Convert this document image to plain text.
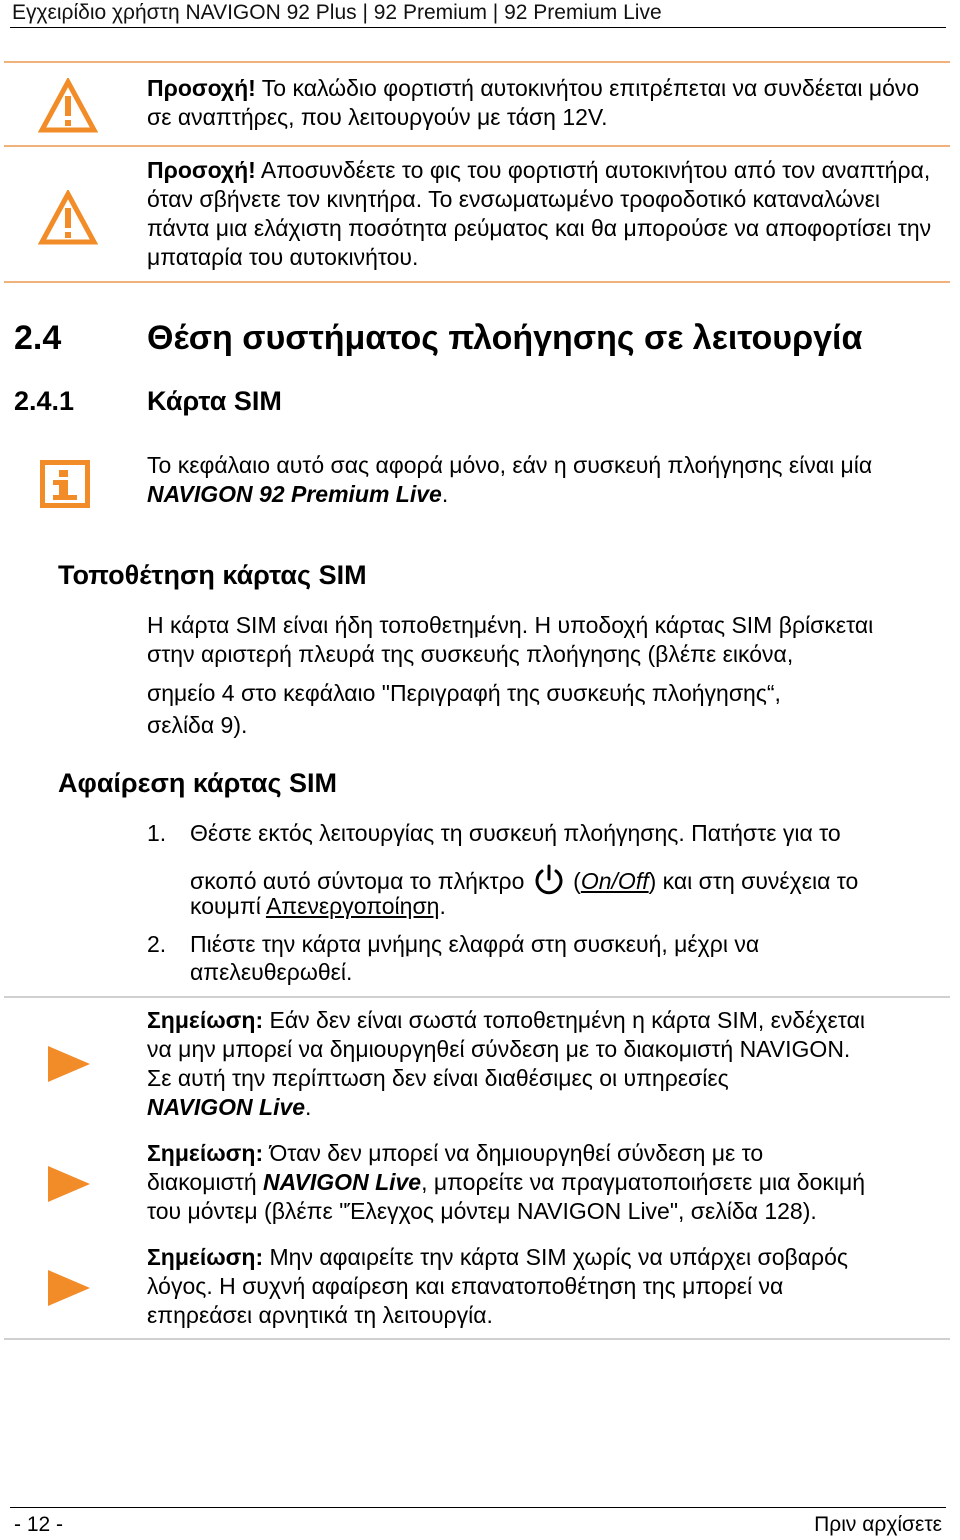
Εγχειρίδιο χρήστη NAVIGON 92 Plus | 92 Premium | 92 Premium Live
Προσοχή! Το καλώδιο φορτιστή αυτοκινήτου επιτρέπεται να συνδέεται μόνο σε αναπτήρες, που λειτουργούν με τάση 12V.
Προσοχή! Αποσυνδέετε το φις του φορτιστή αυτοκινήτου από τον αναπτήρα, όταν σβήνετε τον κινητήρα. Το ενσωματωμένο τροφοδοτικό καταναλώνει πάντα μια ελάχιστη ποσότητα ρεύματος και θα μπορούσε να αποφορτίσει την μπαταρία του αυτοκινήτου.
2.4	Θέση συστήματος πλοήγησης σε λειτουργία
2.4.1	Κάρτα SIM
Το κεφάλαιο αυτό σας αφορά μόνο, εάν η συσκευή πλοήγησης είναι μία NAVIGON 92 Premium Live.
Τοποθέτηση κάρτας SIM
Η κάρτα SIM είναι ήδη τοποθετημένη. Η υποδοχή κάρτας SIM βρίσκεται
στην αριστερή πλευρά της συσκευής πλοήγησης (βλέπε εικόνα,
σημείο 4 στο κεφάλαιο "Περιγραφή της συσκευής πλοήγησης“,
σελίδα 9).
Αφαίρεση κάρτας SIM
1. Θέστε εκτός λειτουργίας τη συσκευή πλοήγησης. Πατήστε για το
σκοπό αυτό σύντομα το πλήκτρο  (On/Off) και στη συνέχεια το
κουμπί Απενεργοποίηση.
2. Πιέστε την κάρτα μνήμης ελαφρά στη συσκευή, μέχρι να
απελευθερωθεί.
Σημείωση: Εάν δεν είναι σωστά τοποθετημένη η κάρτα SIM, ενδέχεται
να μην μπορεί να δημιουργηθεί σύνδεση με το διακομιστή NAVIGON.
Σε αυτή την περίπτωση δεν είναι διαθέσιμες οι υπηρεσίες
NAVIGON Live.
Σημείωση: Όταν δεν μπορεί να δημιουργηθεί σύνδεση με το
διακομιστή NAVIGON Live, μπορείτε να πραγματοποιήσετε μια δοκιμή
του μόντεμ (βλέπε "Έλεγχος μόντεμ NAVIGON Live", σελίδα 128).
Σημείωση: Μην αφαιρείτε την κάρτα SIM χωρίς να υπάρχει σοβαρός
λόγος. Η συχνή αφαίρεση και επανατοποθέτηση της μπορεί να
επηρεάσει αρνητικά τη λειτουργία.
- 12 -	Πριν αρχίσετε
